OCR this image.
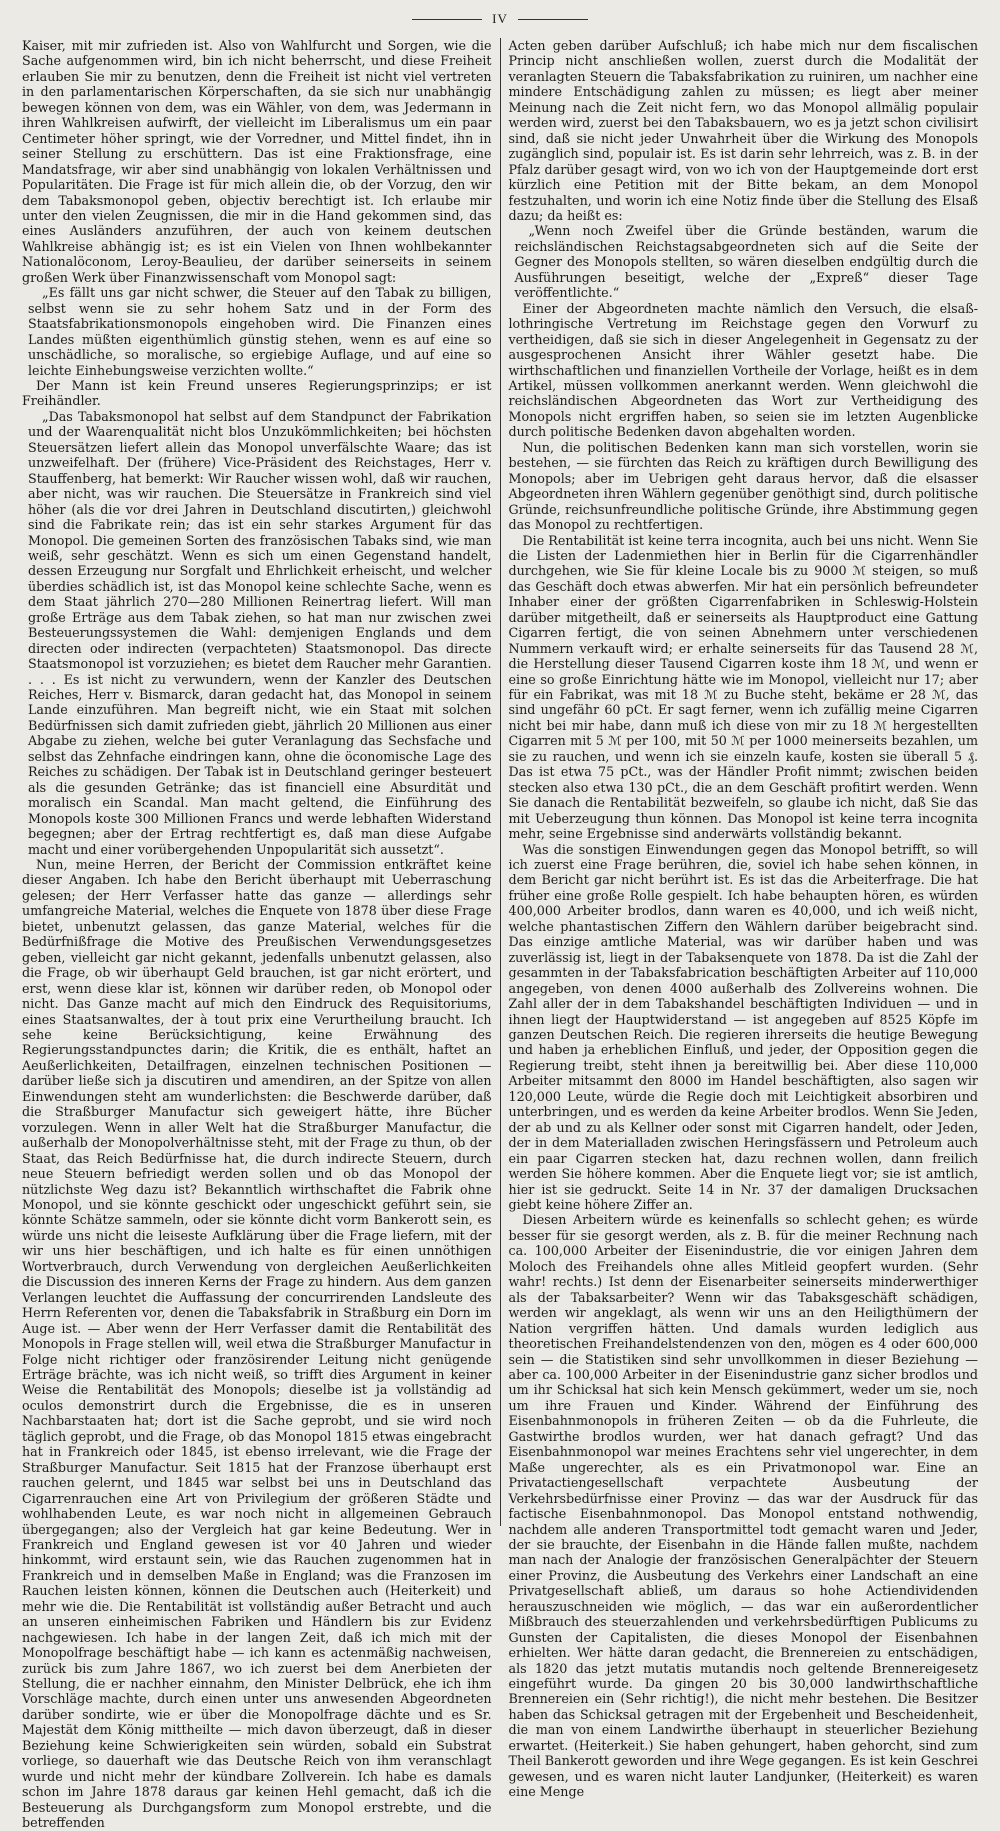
IV

Kaiser, mit mir zufrieden ist. Also von Wahlfurcht und Sorgen, wie die Sache aufgenommen wird, bin ich nicht beherrscht, und diese Freiheit erlauben Sie mir zu benutzen, denn die Freiheit ist nicht viel vertreten in den parlamentarischen Körperschaften, da sie sich nur unabhängig bewegen können von dem, was ein Wähler, von dem, was Jedermann in ihren Wahlkreisen aufwirft, der vielleicht im Liberalismus um ein paar Centimeter höher springt, wie der Vorredner, und Mittel findet, ihn in seiner Stellung zu erschüttern. Das ist eine Fraktionsfrage, eine Mandatsfrage, wir aber sind unabhängig von lokalen Verhältnissen und Popularitäten. Die Frage ist für mich allein die, ob der Vorzug, den wir dem Tabaksmonopol geben, objectiv berechtigt ist. Ich erlaube mir unter den vielen Zeugnissen, die mir in die Hand gekommen sind, das eines Ausländers anzuführen, der auch von keinem deutschen Wahlkreise abhängig ist; es ist ein Vielen von Ihnen wohlbekannter Nationalöconom, Leroy-Beaulieu, der darüber seinerseits in seinem großen Werk über Finanzwissenschaft vom Monopol sagt:

„Es fällt uns gar nicht schwer, die Steuer auf den Tabak zu billigen, selbst wenn sie zu sehr hohem Satz und in der Form des Staatsfabrikationsmonopols eingehoben wird. Die Finanzen eines Landes müßten eigenthümlich günstig stehen, wenn es auf eine so unschädliche, so moralische, so ergiebige Auflage, und auf eine so leichte Einhebungsweise verzichten wollte.“

Der Mann ist kein Freund unseres Regierungsprinzips; er ist Freihändler.

„Das Tabaksmonopol hat selbst auf dem Standpunct der Fabrikation und der Waarenqualität nicht blos Unzukömmlichkeiten; bei höchsten Steuersätzen liefert allein das Monopol unverfälschte Waare; das ist unzweifelhaft. Der (frühere) Vice-Präsident des Reichstages, Herr v. Stauffenberg, hat bemerkt: Wir Raucher wissen wohl, daß wir rauchen, aber nicht, was wir rauchen. Die Steuersätze in Frankreich sind viel höher (als die vor drei Jahren in Deutschland discutirten,) gleichwohl sind die Fabrikate rein; das ist ein sehr starkes Argument für das Monopol. Die gemeinen Sorten des französischen Tabaks sind, wie man weiß, sehr geschätzt. Wenn es sich um einen Gegenstand handelt, dessen Erzeugung nur Sorgfalt und Ehrlichkeit erheischt, und welcher überdies schädlich ist, ist das Monopol keine schlechte Sache, wenn es dem Staat jährlich 270—280 Millionen Reinertrag liefert. Will man große Erträge aus dem Tabak ziehen, so hat man nur zwischen zwei Besteuerungssystemen die Wahl: demjenigen Englands und dem directen oder indirecten (verpachteten) Staatsmonopol. Das directe Staatsmonopol ist vorzuziehen; es bietet dem Raucher mehr Garantien. . . . Es ist nicht zu verwundern, wenn der Kanzler des Deutschen Reiches, Herr v. Bismarck, daran gedacht hat, das Monopol in seinem Lande einzuführen. Man begreift nicht, wie ein Staat mit solchen Bedürfnissen sich damit zufrieden giebt, jährlich 20 Millionen aus einer Abgabe zu ziehen, welche bei guter Veranlagung das Sechsfache und selbst das Zehnfache eindringen kann, ohne die öconomische Lage des Reiches zu schädigen. Der Tabak ist in Deutschland geringer besteuert als die gesunden Getränke; das ist financiell eine Absurdität und moralisch ein Scandal. Man macht geltend, die Einführung des Monopols koste 300 Millionen Francs und werde lebhaften Widerstand begegnen; aber der Ertrag rechtfertigt es, daß man diese Aufgabe macht und einer vorübergehenden Unpopularität sich aussetzt“.

Nun, meine Herren, der Bericht der Commission entkräftet keine dieser Angaben. Ich habe den Bericht überhaupt mit Ueberraschung gelesen; der Herr Verfasser hatte das ganze — allerdings sehr umfangreiche Material, welches die Enquete von 1878 über diese Frage bietet, unbenutzt gelassen, das ganze Material, welches für die Bedürfnißfrage die Motive des Preußischen Verwendungsgesetzes geben, vielleicht gar nicht gekannt, jedenfalls unbenutzt gelassen, also die Frage, ob wir überhaupt Geld brauchen, ist gar nicht erörtert, und erst, wenn diese klar ist, können wir darüber reden, ob Monopol oder nicht. Das Ganze macht auf mich den Eindruck des Requisitoriums, eines Staatsanwaltes, der à tout prix eine Verurtheilung braucht. Ich sehe keine Berücksichtigung, keine Erwähnung des Regierungsstandpunctes darin; die Kritik, die es enthält, haftet an Aeußerlichkeiten, Detailfragen, einzelnen technischen Positionen — darüber ließe sich ja discutiren und amendiren, an der Spitze von allen Einwendungen steht am wunderlichsten: die Beschwerde darüber, daß die Straßburger Manufactur sich geweigert hätte, ihre Bücher vorzulegen. Wenn in aller Welt hat die Straßburger Manufactur, die außerhalb der Monopolverhältnisse steht, mit der Frage zu thun, ob der Staat, das Reich Bedürfnisse hat, die durch indirecte Steuern, durch neue Steuern befriedigt werden sollen und ob das Monopol der nützlichste Weg dazu ist? Bekanntlich wirthschaftet die Fabrik ohne Monopol, und sie könnte geschickt oder ungeschickt geführt sein, sie könnte Schätze sammeln, oder sie könnte dicht vorm Bankerott sein, es würde uns nicht die leiseste Aufklärung über die Frage liefern, mit der wir uns hier beschäftigen, und ich halte es für einen unnöthigen Wortverbrauch, durch Verwendung von dergleichen Aeußerlichkeiten die Discussion des inneren Kerns der Frage zu hindern. Aus dem ganzen Verlangen leuchtet die Auffassung der concurrirenden Landsleute des Herrn Referenten vor, denen die Tabaksfabrik in Straßburg ein Dorn im Auge ist. — Aber wenn der Herr Verfasser damit die Rentabilität des Monopols in Frage stellen will, weil etwa die Straßburger Manufactur in Folge nicht richtiger oder französirender Leitung nicht genügende Erträge brächte, was ich nicht weiß, so trifft dies Argument in keiner Weise die Rentabilität des Monopols; dieselbe ist ja vollständig ad oculos demonstrirt durch die Ergebnisse, die es in unseren Nachbarstaaten hat; dort ist die Sache geprobt, und sie wird noch täglich geprobt, und die Frage, ob das Monopol 1815 etwas eingebracht hat in Frankreich oder 1845, ist ebenso irrelevant, wie die Frage der Straßburger Manufactur. Seit 1815 hat der Franzose überhaupt erst rauchen gelernt, und 1845 war selbst bei uns in Deutschland das Cigarrenrauchen eine Art von Privilegium der größeren Städte und wohlhabenden Leute, es war noch nicht in allgemeinen Gebrauch übergegangen; also der Vergleich hat gar keine Bedeutung. Wer in Frankreich und England gewesen ist vor 40 Jahren und wieder hinkommt, wird erstaunt sein, wie das Rauchen zugenommen hat in Frankreich und in demselben Maße in England; was die Franzosen im Rauchen leisten können, können die Deutschen auch (Heiterkeit) und mehr wie die. Die Rentabilität ist vollständig außer Betracht und auch an unseren einheimischen Fabriken und Händlern bis zur Evidenz nachgewiesen. Ich habe in der langen Zeit, daß ich mich mit der Monopolfrage beschäftigt habe — ich kann es actenmäßig nachweisen, zurück bis zum Jahre 1867, wo ich zuerst bei dem Anerbieten der Stellung, die er nachher einnahm, den Minister Delbrück, ehe ich ihm Vorschläge machte, durch einen unter uns anwesenden Abgeordneten darüber sondirte, wie er über die Monopolfrage dächte und es Sr. Majestät dem König mittheilte — mich davon überzeugt, daß in dieser Beziehung keine Schwierigkeiten sein würden, sobald ein Substrat vorliege, so dauerhaft wie das Deutsche Reich von ihm veranschlagt wurde und nicht mehr der kündbare Zollverein. Ich habe es damals schon im Jahre 1878 daraus gar keinen Hehl gemacht, daß ich die Besteuerung als Durchgangsform zum Monopol erstrebte, und die betreffenden

Acten geben darüber Aufschluß; ich habe mich nur dem fiscalischen Princip nicht anschließen wollen, zuerst durch die Modalität der veranlagten Steuern die Tabaksfabrikation zu ruiniren, um nachher eine mindere Entschädigung zahlen zu müssen; es liegt aber meiner Meinung nach die Zeit nicht fern, wo das Monopol allmälig populair werden wird, zuerst bei den Tabaksbauern, wo es ja jetzt schon civilisirt sind, daß sie nicht jeder Unwahrheit über die Wirkung des Monopols zugänglich sind, populair ist. Es ist darin sehr lehrreich, was z. B. in der Pfalz darüber gesagt wird, von wo ich von der Hauptgemeinde dort erst kürzlich eine Petition mit der Bitte bekam, an dem Monopol festzuhalten, und worin ich eine Notiz finde über die Stellung des Elsaß dazu; da heißt es:

„Wenn noch Zweifel über die Gründe beständen, warum die reichsländischen Reichstagsabgeordneten sich auf die Seite der Gegner des Monopols stellten, so wären dieselben endgültig durch die Ausführungen beseitigt, welche der „Expreß“ dieser Tage veröffentlichte.“

Einer der Abgeordneten machte nämlich den Versuch, die elsaß-lothringische Vertretung im Reichstage gegen den Vorwurf zu vertheidigen, daß sie sich in dieser Angelegenheit in Gegensatz zu der ausgesprochenen Ansicht ihrer Wähler gesetzt habe. Die wirthschaftlichen und finanziellen Vortheile der Vorlage, heißt es in dem Artikel, müssen vollkommen anerkannt werden. Wenn gleichwohl die reichsländischen Abgeordneten das Wort zur Vertheidigung des Monopols nicht ergriffen haben, so seien sie im letzten Augenblicke durch politische Bedenken davon abgehalten worden.

Nun, die politischen Bedenken kann man sich vorstellen, worin sie bestehen, — sie fürchten das Reich zu kräftigen durch Bewilligung des Monopols; aber im Uebrigen geht daraus hervor, daß die elsasser Abgeordneten ihren Wählern gegenüber genöthigt sind, durch politische Gründe, reichsunfreundliche politische Gründe, ihre Abstimmung gegen das Monopol zu rechtfertigen.

Die Rentabilität ist keine terra incognita, auch bei uns nicht. Wenn Sie die Listen der Ladenmiethen hier in Berlin für die Cigarrenhändler durchgehen, wie Sie für kleine Locale bis zu 9000 ℳ steigen, so muß das Geschäft doch etwas abwerfen. Mir hat ein persönlich befreundeter Inhaber einer der größten Cigarrenfabriken in Schleswig-Holstein darüber mitgetheilt, daß er seinerseits als Hauptproduct eine Gattung Cigarren fertigt, die von seinen Abnehmern unter verschiedenen Nummern verkauft wird; er erhalte seinerseits für das Tausend 28 ℳ, die Herstellung dieser Tausend Cigarren koste ihm 18 ℳ, und wenn er eine so große Einrichtung hätte wie im Monopol, vielleicht nur 17; aber für ein Fabrikat, was mit 18 ℳ zu Buche steht, bekäme er 28 ℳ, das sind ungefähr 60 pCt. Er sagt ferner, wenn ich zufällig meine Cigarren nicht bei mir habe, dann muß ich diese von mir zu 18 ℳ hergestellten Cigarren mit 5 ℳ per 100, mit 50 ℳ per 1000 meinerseits bezahlen, um sie zu rauchen, und wenn ich sie einzeln kaufe, kosten sie überall 5 ₰. Das ist etwa 75 pCt., was der Händler Profit nimmt; zwischen beiden stecken also etwa 130 pCt., die an dem Geschäft profitirt werden. Wenn Sie danach die Rentabilität bezweifeln, so glaube ich nicht, daß Sie das mit Ueberzeugung thun können. Das Monopol ist keine terra incognita mehr, seine Ergebnisse sind anderwärts vollständig bekannt.

Was die sonstigen Einwendungen gegen das Monopol betrifft, so will ich zuerst eine Frage berühren, die, soviel ich habe sehen können, in dem Bericht gar nicht berührt ist. Es ist das die Arbeiterfrage. Die hat früher eine große Rolle gespielt. Ich habe behaupten hören, es würden 400,000 Arbeiter brodlos, dann waren es 40,000, und ich weiß nicht, welche phantastischen Ziffern den Wählern darüber beigebracht sind. Das einzige amtliche Material, was wir darüber haben und was zuverlässig ist, liegt in der Tabaksenquete von 1878. Da ist die Zahl der gesammten in der Tabaksfabrication beschäftigten Arbeiter auf 110,000 angegeben, von denen 4000 außerhalb des Zollvereins wohnen. Die Zahl aller der in dem Tabakshandel beschäftigten Individuen — und in ihnen liegt der Hauptwiderstand — ist angegeben auf 8525 Köpfe im ganzen Deutschen Reich. Die regieren ihrerseits die heutige Bewegung und haben ja erheblichen Einfluß, und jeder, der Opposition gegen die Regierung treibt, steht ihnen ja bereitwillig bei. Aber diese 110,000 Arbeiter mitsammt den 8000 im Handel beschäftigten, also sagen wir 120,000 Leute, würde die Regie doch mit Leichtigkeit absorbiren und unterbringen, und es werden da keine Arbeiter brodlos. Wenn Sie Jeden, der ab und zu als Kellner oder sonst mit Cigarren handelt, oder Jeden, der in dem Materialladen zwischen Heringsfässern und Petroleum auch ein paar Cigarren stecken hat, dazu rechnen wollen, dann freilich werden Sie höhere kommen. Aber die Enquete liegt vor; sie ist amtlich, hier ist sie gedruckt. Seite 14 in Nr. 37 der damaligen Drucksachen giebt keine höhere Ziffer an.

Diesen Arbeitern würde es keinenfalls so schlecht gehen; es würde besser für sie gesorgt werden, als z. B. für die meiner Rechnung nach ca. 100,000 Arbeiter der Eisenindustrie, die vor einigen Jahren dem Moloch des Freihandels ohne alles Mitleid geopfert wurden. (Sehr wahr! rechts.) Ist denn der Eisenarbeiter seinerseits minderwerthiger als der Tabaksarbeiter? Wenn wir das Tabaksgeschäft schädigen, werden wir angeklagt, als wenn wir uns an den Heiligthümern der Nation vergriffen hätten. Und damals wurden lediglich aus theoretischen Freihandelstendenzen von den, mögen es 4 oder 600,000 sein — die Statistiken sind sehr unvollkommen in dieser Beziehung — aber ca. 100,000 Arbeiter in der Eisenindustrie ganz sicher brodlos und um ihr Schicksal hat sich kein Mensch gekümmert, weder um sie, noch um ihre Frauen und Kinder. Während der Einführung des Eisenbahnmonopols in früheren Zeiten — ob da die Fuhrleute, die Gastwirthe brodlos wurden, wer hat danach gefragt? Und das Eisenbahnmonopol war meines Erachtens sehr viel ungerechter, in dem Maße ungerechter, als es ein Privatmonopol war. Eine an Privatactiengesellschaft verpachtete Ausbeutung der Verkehrsbedürfnisse einer Provinz — das war der Ausdruck für das factische Eisenbahnmonopol. Das Monopol entstand nothwendig, nachdem alle anderen Transportmittel todt gemacht waren und Jeder, der sie brauchte, der Eisenbahn in die Hände fallen mußte, nachdem man nach der Analogie der französischen Generalpächter der Steuern einer Provinz, die Ausbeutung des Verkehrs einer Landschaft an eine Privatgesellschaft abließ, um daraus so hohe Actiendividenden herauszuschneiden wie möglich, — das war ein außerordentlicher Mißbrauch des steuerzahlenden und verkehrsbedürftigen Publicums zu Gunsten der Capitalisten, die dieses Monopol der Eisenbahnen erhielten. Wer hätte daran gedacht, die Brennereien zu entschädigen, als 1820 das jetzt mutatis mutandis noch geltende Brennereigesetz eingeführt wurde. Da gingen 20 bis 30,000 landwirthschaftliche Brennereien ein (Sehr richtig!), die nicht mehr bestehen. Die Besitzer haben das Schicksal getragen mit der Ergebenheit und Bescheidenheit, die man von einem Landwirthe überhaupt in steuerlicher Beziehung erwartet. (Heiterkeit.) Sie haben gehungert, haben gehorcht, sind zum Theil Bankerott geworden und ihre Wege gegangen. Es ist kein Geschrei gewesen, und es waren nicht lauter Landjunker, (Heiterkeit) es waren eine Menge
